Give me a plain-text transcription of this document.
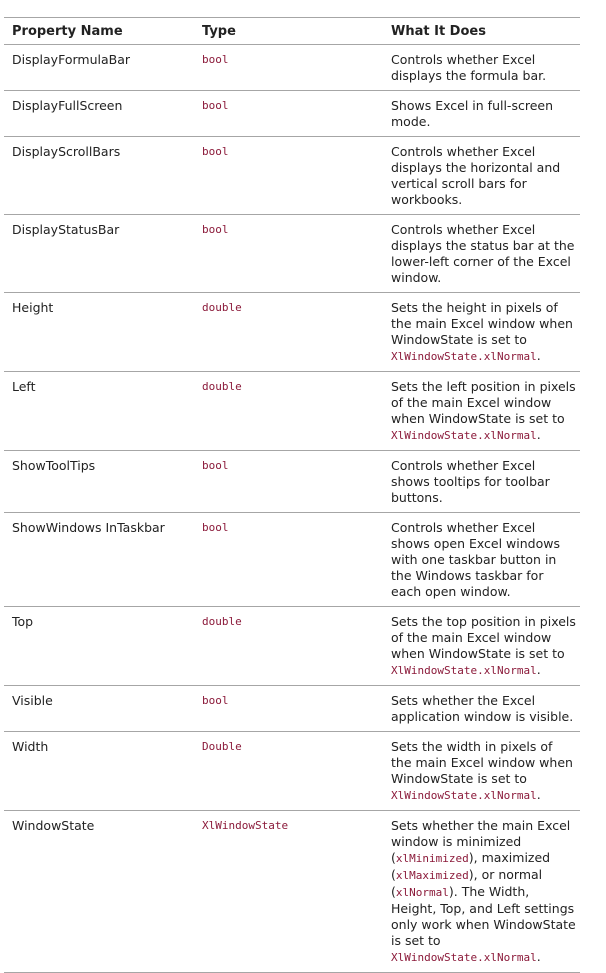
Property Name	Type	What It Does
DisplayFormulaBar	bool	Controls whether Excel displays the formula bar.
DisplayFullScreen	bool	Shows Excel in full-screen mode.
DisplayScrollBars	bool	Controls whether Excel displays the horizontal and vertical scroll bars for workbooks.
DisplayStatusBar	bool	Controls whether Excel displays the status bar at the lower-left corner of the Excel window.
Height	double	Sets the height in pixels of the main Excel window when WindowState is set to XlWindowState.xlNormal.
Left	double	Sets the left position in pixels of the main Excel window when WindowState is set to XlWindowState.xlNormal.
ShowToolTips	bool	Controls whether Excel shows tooltips for toolbar buttons.
ShowWindows InTaskbar	bool	Controls whether Excel shows open Excel windows with one taskbar button in the Windows taskbar for each open window.
Top	double	Sets the top position in pixels of the main Excel window when WindowState is set to XlWindowState.xlNormal.
Visible	bool	Sets whether the Excel application window is visible.
Width	Double	Sets the width in pixels of the main Excel window when WindowState is set to XlWindowState.xlNormal.
WindowState	XlWindowState	Sets whether the main Excel window is minimized (xlMinimized), maximized (xlMaximized), or normal (xlNormal). The Width, Height, Top, and Left settings only work when WindowState is set to XlWindowState.xlNormal.
